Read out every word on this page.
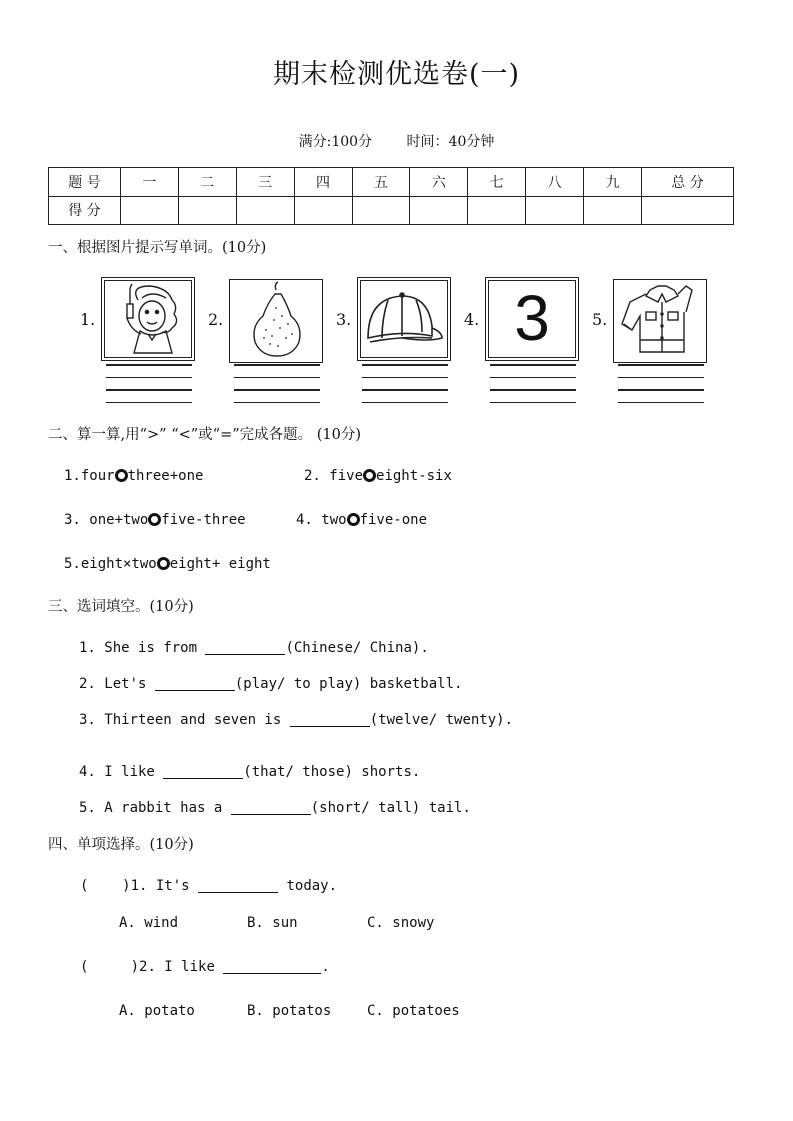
期末检测优选卷(一)
满分:100分 时间：40分钟
题 号	一	二	三	四	五	六	七	八	九	总 分
得 分										
一、根据图片提示写单词。(10分)
1.	2.	3.	4. 3	5.
二、算一算,用“>” “<”或“=”完成各题。 (10分)
1.four three+one	2. five eight-six
3. one+two five-three	4. two five-one
5.eight×two eight+ eight
三、选词填空。(10分)
1. She is from	(Chinese/ China).
2. Let's	(play/ to play) basketball.
3. Thirteen and seven is	(twelve/ twenty).
4. I like	(that/ those) shorts.
5. A rabbit has a	(short/ tall) tail.
四、单项选择。(10分)
(    )1. It's	today.
A. wind	B. sun	C. snowy
(     )2. I like	.
A. potato	B. potatos	C. potatoes
